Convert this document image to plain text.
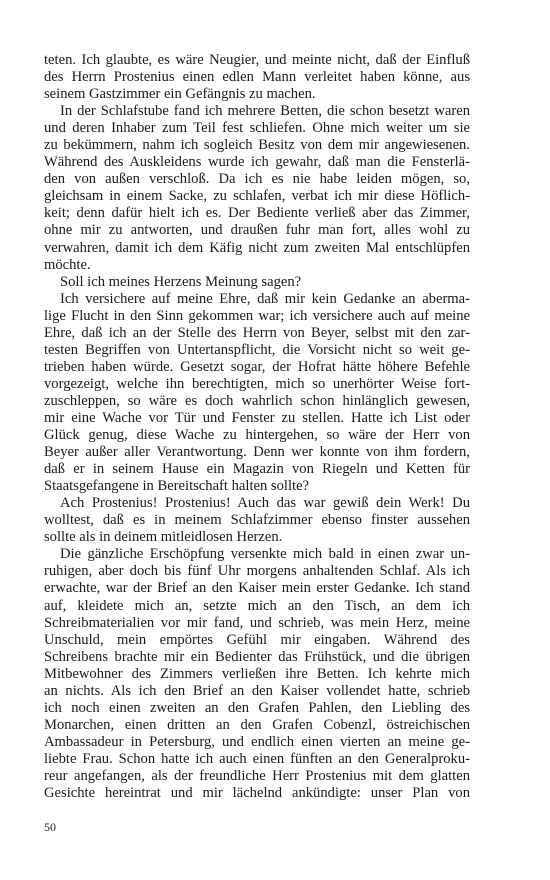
teten. Ich glaubte, es wäre Neugier, und meinte nicht, daß der Einfluß
des Herrn Prostenius einen edlen Mann verleitet haben könne, aus
seinem Gastzimmer ein Gefängnis zu machen.
In der Schlafstube fand ich mehrere Betten, die schon besetzt waren
und deren Inhaber zum Teil fest schliefen. Ohne mich weiter um sie
zu bekümmern, nahm ich sogleich Besitz von dem mir angewiesenen.
Während des Auskleidens wurde ich gewahr, daß man die Fensterlä-
den von außen verschloß. Da ich es nie habe leiden mögen, so,
gleichsam in einem Sacke, zu schlafen, verbat ich mir diese Höflich-
keit; denn dafür hielt ich es. Der Bediente verließ aber das Zimmer,
ohne mir zu antworten, und draußen fuhr man fort, alles wohl zu
verwahren, damit ich dem Käfig nicht zum zweiten Mal entschlüpfen
möchte.
Soll ich meines Herzens Meinung sagen?
Ich versichere auf meine Ehre, daß mir kein Gedanke an aberma-
lige Flucht in den Sinn gekommen war; ich versichere auch auf meine
Ehre, daß ich an der Stelle des Herrn von Beyer, selbst mit den zar-
testen Begriffen von Untertanspflicht, die Vorsicht nicht so weit ge-
trieben haben würde. Gesetzt sogar, der Hofrat hätte höhere Befehle
vorgezeigt, welche ihn berechtigten, mich so unerhörter Weise fort-
zuschleppen, so wäre es doch wahrlich schon hinlänglich gewesen,
mir eine Wache vor Tür und Fenster zu stellen. Hatte ich List oder
Glück genug, diese Wache zu hintergehen, so wäre der Herr von
Beyer außer aller Verantwortung. Denn wer konnte von ihm fordern,
daß er in seinem Hause ein Magazin von Riegeln und Ketten für
Staatsgefangene in Bereitschaft halten sollte?
Ach Prostenius! Prostenius! Auch das war gewiß dein Werk! Du
wolltest, daß es in meinem Schlafzimmer ebenso finster aussehen
sollte als in deinem mitleidlosen Herzen.
Die gänzliche Erschöpfung versenkte mich bald in einen zwar un-
ruhigen, aber doch bis fünf Uhr morgens anhaltenden Schlaf. Als ich
erwachte, war der Brief an den Kaiser mein erster Gedanke. Ich stand
auf, kleidete mich an, setzte mich an den Tisch, an dem ich
Schreibmaterialien vor mir fand, und schrieb, was mein Herz, meine
Unschuld, mein empörtes Gefühl mir eingaben. Während des
Schreibens brachte mir ein Bedienter das Frühstück, und die übrigen
Mitbewohner des Zimmers verließen ihre Betten. Ich kehrte mich
an nichts. Als ich den Brief an den Kaiser vollendet hatte, schrieb
ich noch einen zweiten an den Grafen Pahlen, den Liebling des
Monarchen, einen dritten an den Grafen Cobenzl, östreichischen
Ambassadeur in Petersburg, und endlich einen vierten an meine ge-
liebte Frau. Schon hatte ich auch einen fünften an den Generalproku-
reur angefangen, als der freundliche Herr Prostenius mit dem glatten
Gesichte hereintrat und mir lächelnd ankündigte: unser Plan von
50
